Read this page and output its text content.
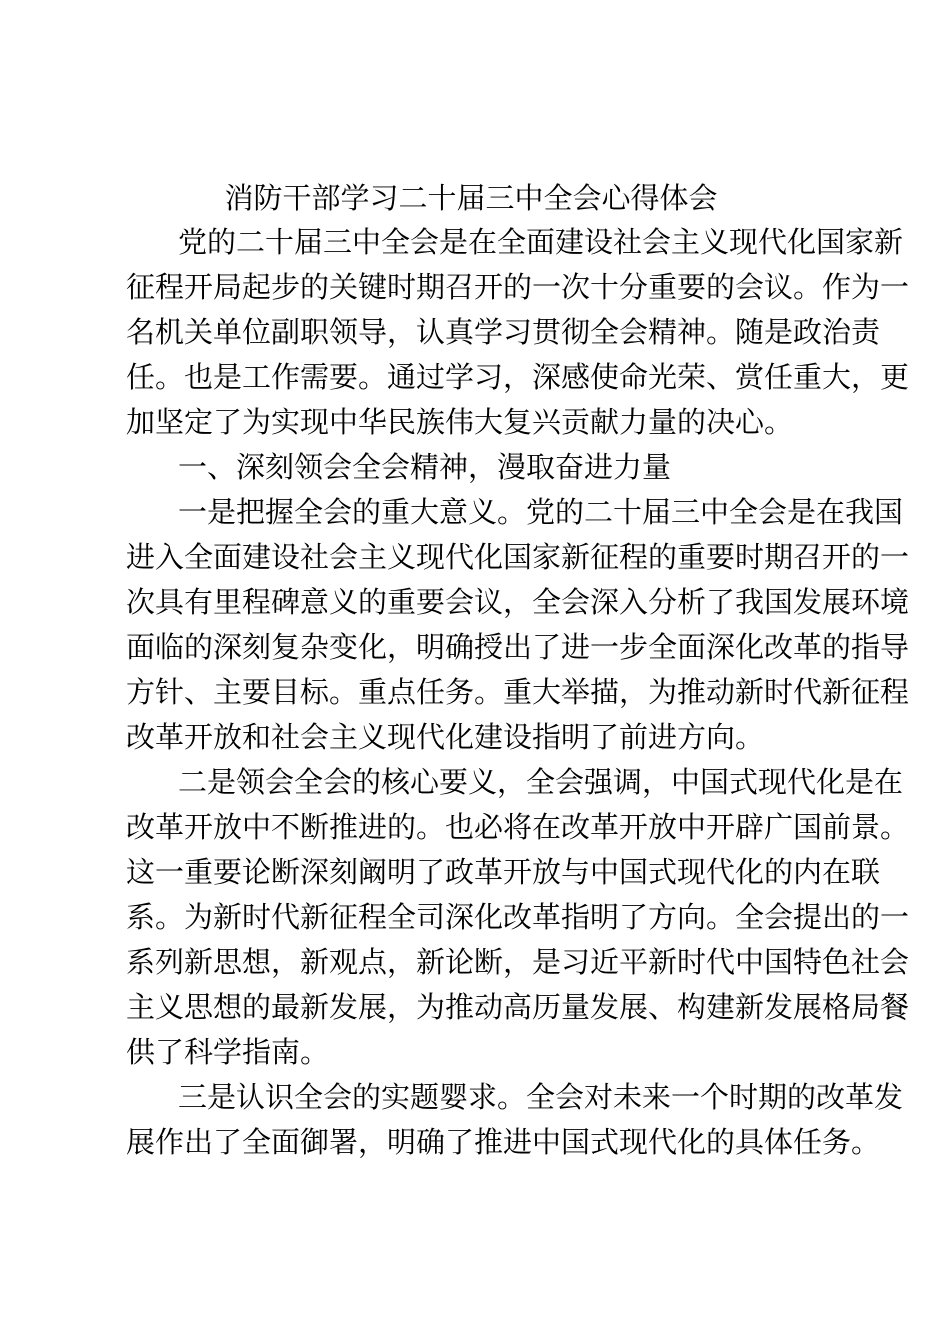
消防干部学习二十届三中全会心得体会
党的二十届三中全会是在全面建设社会主义现代化国家新
征程开局起步的关键时期召开的一次十分重要的会议。作为一
名机关单位副职领导，认真学习贯彻全会精神。随是政治责
任。也是工作需要。通过学习，深感使命光荣、赏任重大，更
加坚定了为实现中华民族伟大复兴贡献力量的决心。
一、深刻领会全会精神，漫取奋进力量
一是把握全会的重大意义。党的二十届三中全会是在我国
进入全面建设社会主义现代化国家新征程的重要时期召开的一
次具有里程碑意义的重要会议，全会深入分析了我国发展环境
面临的深刻复杂变化，明确授出了进一步全面深化改革的指导
方针、主要目标。重点任务。重大举描，为推动新时代新征程
改革开放和社会主义现代化建设指明了前进方向。
二是领会全会的核心要义，全会强调，中国式现代化是在
改革开放中不断推进的。也必将在改革开放中开辟广国前景。
这一重要论断深刻阚明了政革开放与中国式现代化的内在联
系。为新时代新征程全司深化改革指明了方向。全会提出的一
系列新思想，新观点，新论断，是习近平新时代中国特色社会
主义思想的最新发展，为推动高历量发展、构建新发展格局餐
供了科学指南。
三是认识全会的实题婴求。全会对未来一个时期的改革发
展作出了全面御署，明确了推进中国式现代化的具体任务。
